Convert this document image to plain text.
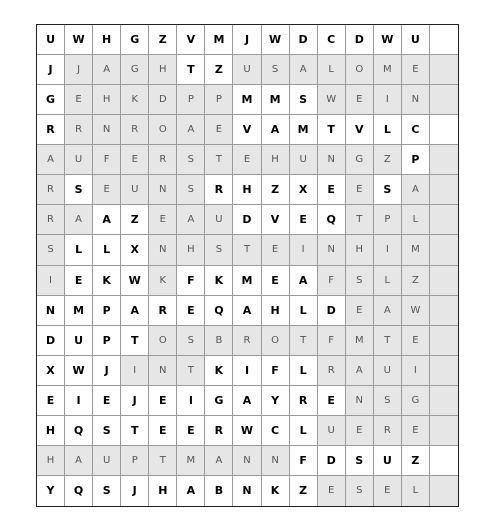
U	W	H	G	Z	V	M	J	W	D	C	D	W	U
J	J	A	G	H	T	Z	U	S	A	L	O	M	E
G	E	H	K	D	P	P	M	M	S	W	E	I	N
R	R	N	R	O	A	E	V	A	M	T	V	L	C
A	U	F	E	R	S	T	E	H	U	N	G	Z	P
R	S	E	U	N	S	R	H	Z	X	E	E	S	A
R	A	A	Z	E	A	U	D	V	E	Q	T	P	L
S	L	L	X	N	H	S	T	E	I	N	H	I	M
I	E	K	W	K	F	K	M	E	A	F	S	L	Z
N	M	P	A	R	E	Q	A	H	L	D	E	A	W
D	U	P	T	O	S	B	R	O	T	F	M	T	E
X	W	J	I	N	T	K	I	F	L	R	A	U	I
E	I	E	J	E	I	G	A	Y	R	E	N	S	G
H	Q	S	T	E	E	R	W	C	L	U	E	R	E
H	A	U	P	T	M	A	N	N	F	D	S	U	Z
Y	Q	S	J	H	A	B	N	K	Z	E	S	E	L
